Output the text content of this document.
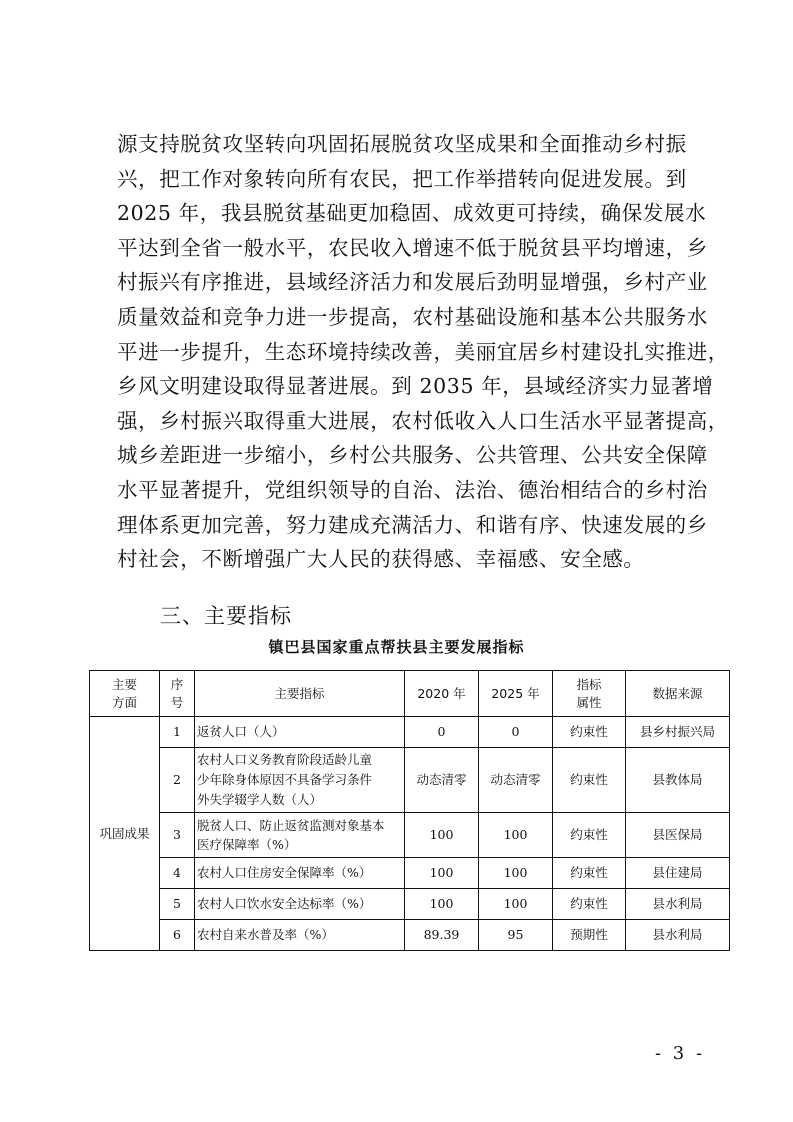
源支持脱贫攻坚转向巩固拓展脱贫攻坚成果和全面推动乡村振
兴，把工作对象转向所有农民，把工作举措转向促进发展。到
2025 年，我县脱贫基础更加稳固、成效更可持续，确保发展水
平达到全省一般水平，农民收入增速不低于脱贫县平均增速，乡
村振兴有序推进，县域经济活力和发展后劲明显增强，乡村产业
质量效益和竞争力进一步提高，农村基础设施和基本公共服务水
平进一步提升，生态环境持续改善，美丽宜居乡村建设扎实推进，
乡风文明建设取得显著进展。到 2035 年，县域经济实力显著增
强，乡村振兴取得重大进展，农村低收入人口生活水平显著提高，
城乡差距进一步缩小，乡村公共服务、公共管理、公共安全保障
水平显著提升，党组织领导的自治、法治、德治相结合的乡村治
理体系更加完善，努力建成充满活力、和谐有序、快速发展的乡
村社会，不断增强广大人民的获得感、幸福感、安全感。
三、主要指标
镇巴县国家重点帮扶县主要发展指标
主要
方面	序
号	主要指标	2020 年	2025 年	指标
属性	数据来源
巩固成果	1	返贫人口（人）	0	0	约束性	县乡村振兴局
	2	农村人口义务教育阶段适龄儿童
少年除身体原因不具备学习条件
外失学辍学人数（人）	动态清零	动态清零	约束性	县教体局
	3	脱贫人口、防止返贫监测对象基本
医疗保障率（%）	100	100	约束性	县医保局
	4	农村人口住房安全保障率（%）	100	100	约束性	县住建局
	5	农村人口饮水安全达标率（%）	100	100	约束性	县水利局
	6	农村自来水普及率（%）	89.39	95	预期性	县水利局
- 3 -
